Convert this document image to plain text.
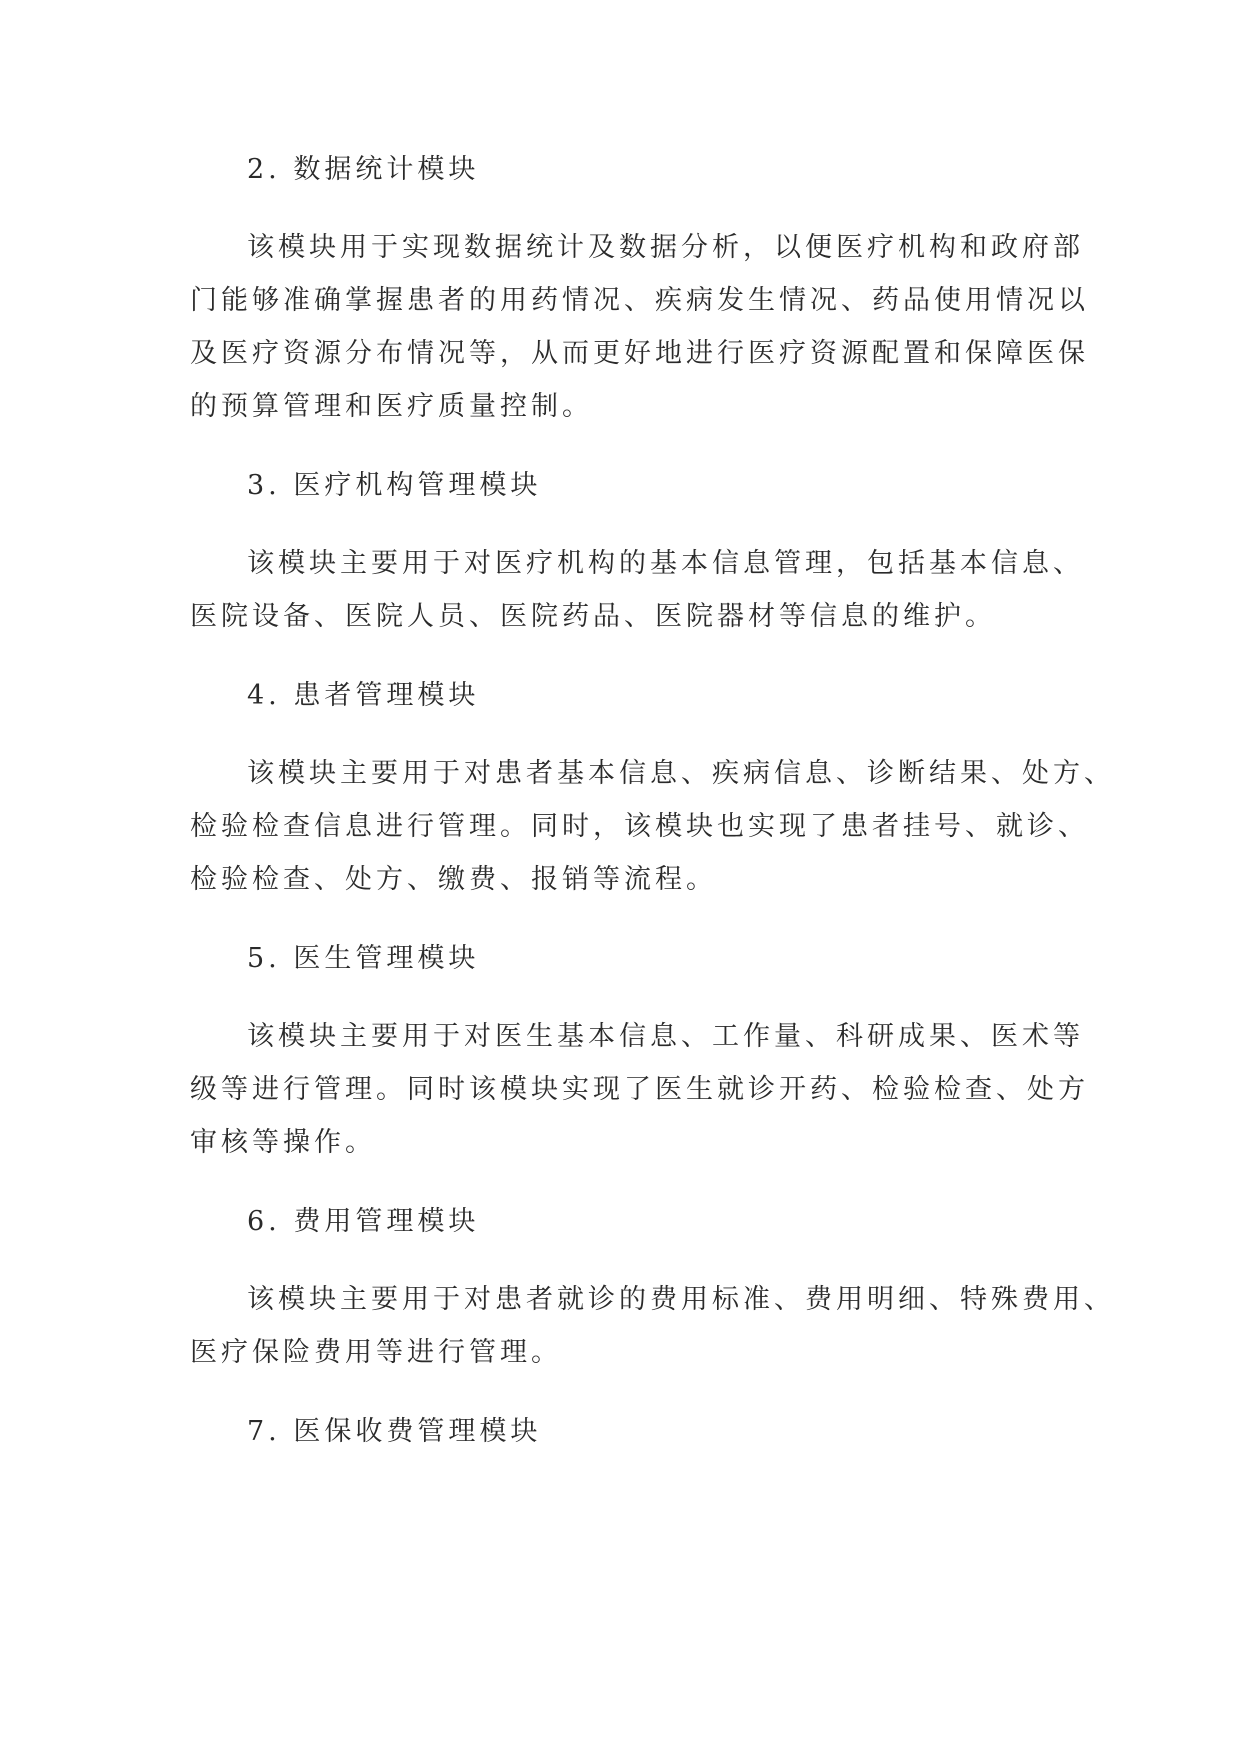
2. 数据统计模块

该模块用于实现数据统计及数据分析，以便医疗机构和政府部

门能够准确掌握患者的用药情况、疾病发生情况、药品使用情况以

及医疗资源分布情况等，从而更好地进行医疗资源配置和保障医保

的预算管理和医疗质量控制。

3. 医疗机构管理模块

该模块主要用于对医疗机构的基本信息管理，包括基本信息、

医院设备、医院人员、医院药品、医院器材等信息的维护。

4. 患者管理模块

该模块主要用于对患者基本信息、疾病信息、诊断结果、处方、

检验检查信息进行管理。同时，该模块也实现了患者挂号、就诊、

检验检查、处方、缴费、报销等流程。

5. 医生管理模块

该模块主要用于对医生基本信息、工作量、科研成果、医术等

级等进行管理。同时该模块实现了医生就诊开药、检验检查、处方

审核等操作。

6. 费用管理模块

该模块主要用于对患者就诊的费用标准、费用明细、特殊费用、

医疗保险费用等进行管理。

7. 医保收费管理模块
